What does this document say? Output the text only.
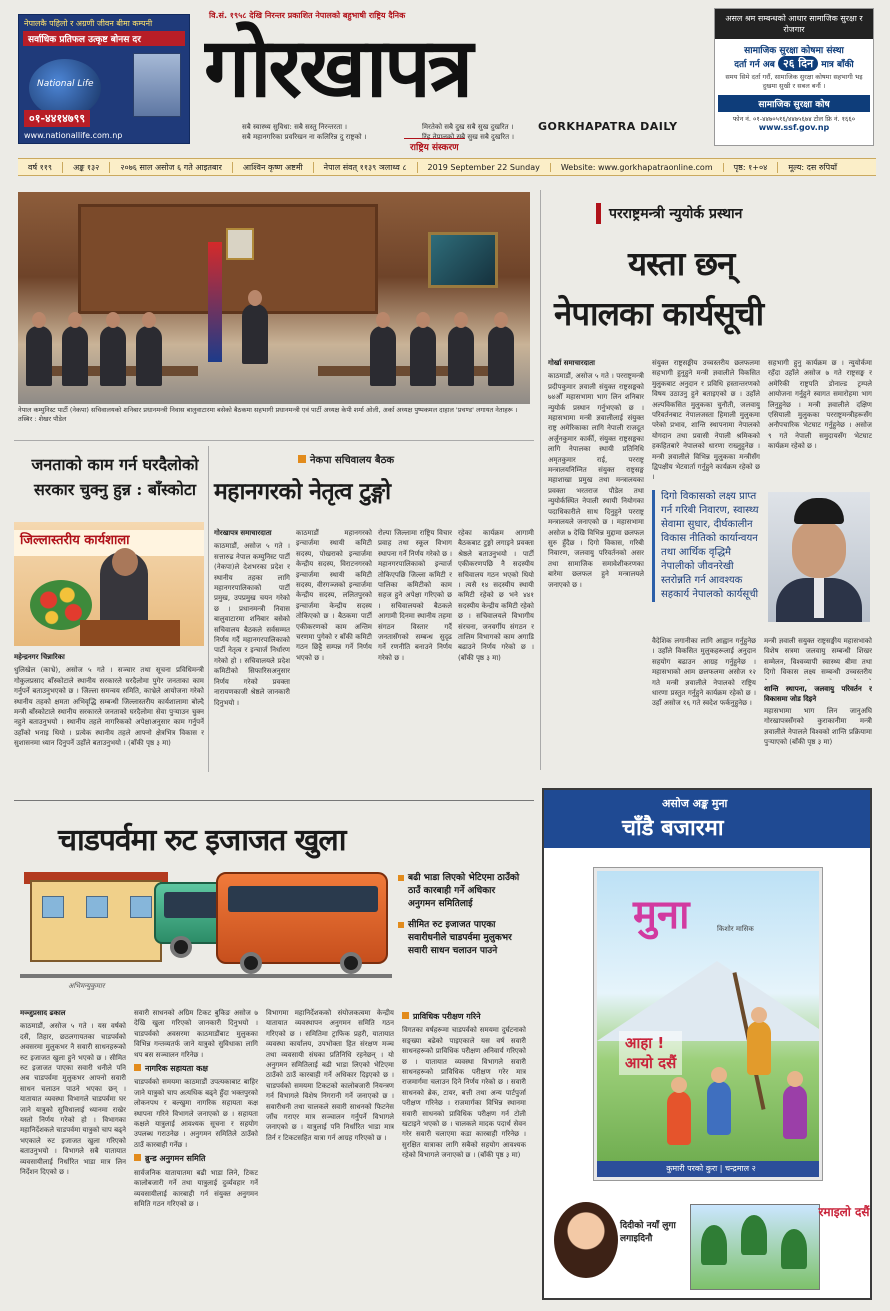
नेपालकै पहिलो र अग्रणी जीवन बीमा कम्पनी
सर्वाधिक प्रतिफल उत्कृष्ट बोनस दर
National Life
०१-४४१४७९९
www.nationallife.com.np
गोरखापत्र
सबै स्वास्थ्य सुविधा: सबै सस्तु निरन्तरता ।
सबै महानगरिका प्रवरिखन ना कलिरिन्न दु राष्ट्रको ।
मिरतेको सबै दुख सबै सुख दुखरित ।
रिंह नेपालको सबै सुख सबै दुखरित ।
GORKHAPATRA DAILY
राष्ट्रिय संस्करण
वि.सं. १९५८ देखि निरन्तर प्रकाशित नेपालको बहुभाषी राष्ट्रिय दैनिक	असल श्रम सम्बन्धको आधार सामाजिक सुरक्षा र रोजगार
सामाजिक सुरक्षा कोषमा संस्था
दर्ता गर्न अब २६ दिन मात्र बाँकी
समय सिमे दर्ता गरौं, सामाजिक सुरक्षा कोषमा सहभागी भइ दुखमा सुखी र सबल बनौं ।
सामाजिक सुरक्षा कोष
फोन नं. ०१-४४७०५१६/४४७५६७४ टोल फ्रि नं. १६६०
www.ssf.gov.np
वर्ष ११९	अङ्क १३२	२०७६ साल असोज ६ गते आइतबार	आश्विन कृष्ण अष्टमी	नेपाल संवत् ११३९ ञलाथ्व ८	2019 September 22 Sunday	Website: www.gorkhapatraonline.com	पृष्ठ: १+०४	मूल्य: दस रुपियाँ
नेपाल कम्युनिस्ट पार्टी (नेकपा) सचिवालयको शनिबार प्रधानमन्त्री निवास बालुवाटारमा बसेको बैठकमा सहभागी प्रधानमन्त्री एवं पार्टी अध्यक्ष केपी शर्मा ओली, अर्का अध्यक्ष पुष्पकमल दाहाल 'प्रचण्ड' लगायत नेताहरू । तस्बिर : शेखर पौडेल
परराष्ट्रमन्त्री न्युयोर्क प्रस्थान
यस्ता छन्
नेपालका कार्यसूची
गोर्खा समाचारदाता
काठमाडौं, असोज ५ गते । परराष्ट्रमन्त्री प्रदीपकुमार ज्ञवाली संयुक्त राष्ट्रसङ्घको ७४औँ महासभामा भाग लिन शनिबार न्युयोर्क प्रस्थान गर्नुभएको छ । महासभामा मन्त्री ज्ञवालीलाई संयुक्त राष्ट्र अमेरिकाका लागि नेपाली राजदूत अर्जुनकुमार कार्की, संयुक्त राष्ट्रसङ्घका लागि नेपालका स्थायी प्रतिनिधि अमृतकुमार राई, परराष्ट्र मन्त्रालयनिम्नित संयुक्त राष्ट्रसङ्घ महाशाखा प्रमुख तथा मन्त्रालयका प्रवक्ता भरतराज पौडेल तथा न्युयोर्कस्थित नेपाली स्थायी नियोगका पदाधिकारीले साथ दिनुहुने परराष्ट्र मन्त्रालयले जनाएको छ । महासभामा असोज ७ देखि विभिन्न मुद्दामा छलफल सुरु हुँदैछ । दिगो विकास, गरिबी निवारण, जलवायु परिवर्तनको असर तथा सामाजिक समावेशीकरणका बारेमा छलफल हुने मन्त्रालयले जनाएको छ ।
संयुक्त राष्ट्रसङ्घीय उच्चस्तरीय छलफलमा सहभागी हुनुहुने मन्त्री ज्ञवालीले विकसित मुलुकबाट अनुदान र प्रविधि हस्तान्तरणको विषय उठाउनु हुने बताइएको छ । उहाँले अल्पविकसित मुलुकका चुनौती, जलवायु परिवर्तनबाट नेपालजस्ता हिमाली मुलुकमा परेको प्रभाव, शान्ति स्थापनामा नेपालको योगदान तथा प्रवासी नेपाली श्रमिकको हकहितबारे नेपालको धारणा राख्नुहुनेछ । मन्त्री ज्ञवालीले विभिन्न मुलुकका मन्त्रीसँग द्विपक्षीय भेटवार्ता गर्नुहुने कार्यक्रम रहेको छ ।
सहभागी हुनु कार्यक्रम छ । न्युयोर्कमा रहँदा उहाँले असोज ७ गते राष्ट्रसङ्घ र अमेरिकी राष्ट्रपति डोनाल्ड ट्रम्पले आयोजना गर्नुहुने स्वागत समारोहमा भाग लिनुहुनेछ । मन्त्री ज्ञवालीले दक्षिण एसियाली मुलुकका परराष्ट्रमन्त्रीहरूसँग अनौपचारिक भेटघाट गर्नुहुनेछ । असोज ९ गते नेपाली समुदायसँग भेटघाट कार्यक्रम रहेको छ ।
दिगो विकासको लक्ष्य प्राप्त गर्न गरिबी निवारण, स्वास्थ्य सेवामा सुधार, दीर्घकालीन विकास नीतिको कार्यान्वयन तथा आर्थिक वृद्धिमै नेपालीको जीवनरेखी स्तरोन्नति गर्न आवश्यक सहकार्य नेपालको कार्यसूची
वैदेशिक लगानीका लागि आह्वान गर्नुहुनेछ । उहाँले विकसित मुलुकहरूलाई अनुदान सहयोग बढाउन आग्रह गर्नुहुनेछ । महासभाको आम छलफलमा असोज १२ गते मन्त्री ज्ञवालीले नेपालको राष्ट्रिय धारणा प्रस्तुत गर्नुहुने कार्यक्रम रहेको छ । उहाँ असोज १६ गते स्वदेश फर्कनुहुनेछ ।
मन्त्री ज्ञवाली सयुक्त राष्ट्रसङ्घीय महासभाको विशेष सत्रमा जलवायु सम्बन्धी शिखर सम्मेलन, विश्वव्यापी स्वास्थ्य बीमा तथा दिगो विकास लक्ष्य सम्बन्धी उच्चस्तरीय
शान्ति स्थापना, जलवायु परिवर्तन र विकासमा जोड दिइने
महासभामा भाग लिन जानुअघि गोरखापत्रसँगको कुराकानीमा मन्त्री ज्ञवालीले नेपालले विश्वको शान्ति प्रक्रियामा पुऱ्याएको (बाँकी पृष्ठ ३ मा)
जनताको काम गर्न घरदैलोको सरकार चुक्नु हुन्न : बाँस्कोटा
जिल्लास्तरीय कार्यशाला
महेन्द्रनगर चिन्नारिका
धुलिखेल (काभ्रे), असोज ५ गते । सञ्चार तथा सूचना प्रविधिमन्त्री गोकुलप्रसाद बाँस्कोटाले स्थानीय सरकारले घरदैलोमा पुगेर जनताका काम गर्नुपर्ने बताउनुभएको छ । जिल्ला समन्वय समिति, काभ्रेले आयोजना गरेको स्थानीय तहको क्षमता अभिवृद्धि सम्बन्धी जिल्लास्तरीय कार्यशालामा बोल्दै मन्त्री बाँस्कोटाले स्थानीय सरकारले जनताको घरदैलोमा सेवा पुऱ्याउन चुक्न नहुने बताउनुभयो । स्थानीय तहले नागरिकको अपेक्षाअनुसार काम गर्नुपर्ने उहाँको भनाइ थियो । प्रत्येक स्थानीय तहले आफ्नो क्षेत्रभित्र विकास र सुशासनमा ध्यान दिनुपर्ने उहाँले बताउनुभयो । (बाँकी पृष्ठ ३ मा)
नेकपा सचिवालय बैठक
महानगरको नेतृत्व टुङ्गो
गोरखापत्र समाचारदाता
काठमाडौं, असोज ५ गते । सत्तारुढ नेपाल कम्युनिस्ट पार्टी (नेकपा)ले देशभरका प्रदेश र स्थानीय तहका लागि महानगरपालिकाको पार्टी प्रमुख, उपप्रमुख चयन गरेको छ । प्रधानमन्त्री निवास बालुवाटारमा शनिबार बसेको सचिवालय बैठकले सर्वसम्मत निर्णय गर्दै महानगरपालिकाको पार्टी नेतृत्व र इन्चार्ज निर्धारण गरेको हो । सचिवालयले प्रदेश कमिटीको सिफारिसअनुसार निर्णय गरेको प्रवक्ता नारायणकाजी श्रेष्ठले जानकारी दिनुभयो ।
काठमाडौं महानगरको इन्चार्जमा स्थायी कमिटी सदस्य, पोखराको इन्चार्जमा केन्द्रीय सदस्य, विराटनगरको इन्चार्जमा स्थायी कमिटी सदस्य, वीरगञ्जको इन्चार्जमा केन्द्रीय सदस्य, ललितपुरको इन्चार्जमा केन्द्रीय सदस्य तोकिएको छ । बैठकमा पार्टी एकीकरणको काम अन्तिम चरणमा पुगेको र बाँकी कमिटी गठन छिट्टै सम्पन्न गर्ने निर्णय भएको छ ।
रोल्पा जिल्लामा राष्ट्रिय विचार प्रवाह तथा स्कूल विभाग स्थापना गर्ने निर्णय गरेको छ । महानगरपालिकाको इन्चार्ज तोकिएपछि जिल्ला कमिटी र पालिका कमिटीको काम सहज हुने अपेक्षा गरिएको छ । सचिवालयको बैठकले आगामी दिनमा स्थानीय तहमा संगठन विस्तार गर्दै जनतासँगको सम्बन्ध सुदृढ गर्ने रणनीति बनाउने निर्णय गरेको छ ।
रहेका कार्यक्रम आगामी बैठकबाट टुङ्गो लगाइने प्रवक्ता श्रेष्ठले बताउनुभयो । पार्टी एकीकरणपछि नै सदस्यीय सचिवालय गठन भएको थियो । त्यसै १४ सदस्यीय स्थायी कमिटी रहेको छ भने ४४१ सदस्यीय केन्द्रीय कमिटी रहेको छ । सचिवालयले विभागीय संरचना, जनवर्गीय संगठन र तालिम विभागको काम अगाडि बढाउने निर्णय गरेको छ । (बाँकी पृष्ठ ३ मा)
चाडपर्वमा रुट इजाजत खुला
अभिमन्युकुमार
बढी भाडा लिएको भेटिएमा ठाउँको ठाउँ कारबाही गर्ने अधिकार अनुगमन समितिलाई
सीमित रुट इजाजत पाएका सवारीधनीले चाडपर्वमा मुलुकभर सवारी साधन चलाउन पाउने
मञ्जुप्रसाद ढकाल
काठमाडौं, असोज ५ गते । यस वर्षको दसैं, तिहार, छठलगायतका चाडपर्वको अवसरमा मुलुकभर नै सवारी साधनहरूको रुट इजाजत खुला हुने भएको छ । सीमित रुट इजाजत पाएका सवारी धनीले पनि अब चाडपर्वमा मुलुकभर आफ्नो सवारी साधन चलाउन पाउने भएका छन् । यातायात व्यवस्था विभागले चाडपर्वमा घर जाने यात्रुको सुविधालाई ध्यानमा राखेर यस्तो निर्णय गरेको हो । विभागका महानिर्देशकले चाडपर्वमा यात्रुको चाप बढ्ने भएकाले रुट इजाजत खुला गरिएको बताउनुभयो । विभागले सबै यातायात व्यवसायीलाई निर्धारित भाडा मात्र लिन निर्देशन दिएको छ ।
सवारी साधनको अग्रिम टिकट बुकिङ असोज ७ देखि खुला गरिएको जानकारी दिनुभयो । चाडपर्वको अवसरमा काठमाडौंबाट मुलुकका विभिन्न गन्तव्यतर्फ जाने यात्रुको सुविधाका लागि थप बस सञ्चालन गरिनेछ ।
नागरिक सहायता कक्ष
चाडपर्वको समयमा काठमाडौं उपत्यकाबाट बाहिर जाने यात्रुको चाप अत्यधिक बढ्ने हुँदा भक्तपुरको लोकनपथ र बल्खुमा नागरिक सहायता कक्ष स्थापना गरिने विभागले जनाएको छ । सहायता कक्षले यात्रुलाई आवश्यक सूचना र सहयोग उपलब्ध गराउनेछ । अनुगमन समितिले ठाउँको ठाउँ कारबाही गर्नेछ ।
ब्रुन्ड अनुगमन समिति
सार्वजनिक यातायातमा बढी भाडा लिने, टिकट कालोबजारी गर्ने तथा यात्रुलाई दुर्व्यवहार गर्ने व्यवसायीलाई कारबाही गर्न संयुक्त अनुगमन समिति गठन गरिएको छ ।
विभागमा महानिर्देशकको संयोजकत्वमा केन्द्रीय यातायात व्यवस्थापन अनुगमन समिति गठन गरिएको छ । समितिमा ट्राफिक प्रहरी, यातायात व्यवस्था कार्यालय, उपभोक्ता हित संरक्षण मञ्च तथा व्यवसायी संघका प्रतिनिधि रहनेछन् । यो अनुगमन समितिलाई बढी भाडा लिएको भेटिएमा ठाउँको ठाउँ कारबाही गर्ने अधिकार दिइएको छ । चाडपर्वको समयमा टिकटको कालोबजारी नियन्त्रण गर्न विभागले विशेष निगरानी गर्ने जनाएको छ । सवारीधनी तथा चालकले सवारी साधनको फिटनेस जाँच गराएर मात्र सञ्चालन गर्नुपर्ने विभागले जनाएको छ । यात्रुलाई पनि निर्धारित भाडा मात्र तिर्न र टिकटसहित यात्रा गर्न आग्रह गरिएको छ ।
प्राविधिक परीक्षण गरिने
विगतका वर्षहरूमा चाडपर्वको समयमा दुर्घटनाको सङ्ख्या बढेको पाइएकाले यस वर्ष सवारी साधनहरूको प्राविधिक परीक्षण अनिवार्य गरिएको छ । यातायात व्यवस्था विभागले सवारी साधनहरूको प्राविधिक परीक्षण गरेर मात्र राजमार्गमा चलाउन दिने निर्णय गरेको छ । सवारी साधनको ब्रेक, टायर, बत्ती तथा अन्य पार्टपुर्जा परीक्षण गरिनेछ । राजमार्गका विभिन्न स्थानमा सवारी साधनको प्राविधिक परीक्षण गर्न टोली खटाइने भएको छ । चालकले मादक पदार्थ सेवन गरेर सवारी चलाएमा कडा कारबाही गरिनेछ । सुरक्षित यात्राका लागि सबैको सहयोग आवश्यक रहेको विभागले जनाएको छ । (बाँकी पृष्ठ ३ मा)
असोज अङ्क मुना
चाँडै बजारमा
मुना	किशोर मासिक
आहा !
आयो दसैं
कुमारी परको कुरा | चन्द्रमाल २
दिदीको नयाँ लुगा लगाइदिनौ
रमाइलो दसैं
